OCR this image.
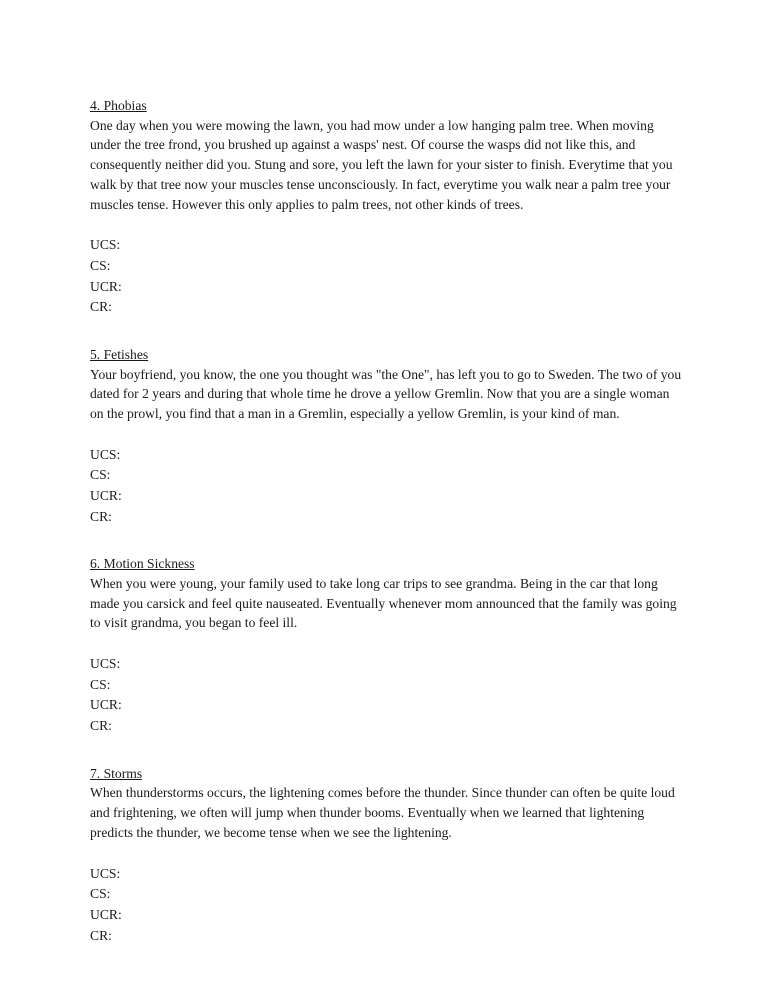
4. Phobias

One day when you were mowing the lawn, you had mow under a low hanging palm tree. When moving under the tree frond, you brushed up against a wasps' nest. Of course the wasps did not like this, and consequently neither did you. Stung and sore, you left the lawn for your sister to finish. Everytime that you walk by that tree now your muscles tense unconsciously. In fact, everytime you walk near a palm tree your muscles tense. However this only applies to palm trees, not other kinds of trees.

UCS:
CS:
UCR:
CR:
5. Fetishes

Your boyfriend, you know, the one you thought was "the One", has left you to go to Sweden. The two of you dated for 2 years and during that whole time he drove a yellow Gremlin. Now that you are a single woman on the prowl, you find that a man in a Gremlin, especially a yellow Gremlin, is your kind of man.

UCS:
CS:
UCR:
CR:
6. Motion Sickness

When you were young, your family used to take long car trips to see grandma. Being in the car that long made you carsick and feel quite nauseated. Eventually whenever mom announced that the family was going to visit grandma, you began to feel ill.

UCS:
CS:
UCR:
CR:
7. Storms

When thunderstorms occurs, the lightening comes before the thunder. Since thunder can often be quite loud and frightening, we often will jump when thunder booms. Eventually when we learned that lightening predicts the thunder, we become tense when we see the lightening.

UCS:
CS:
UCR:
CR:
